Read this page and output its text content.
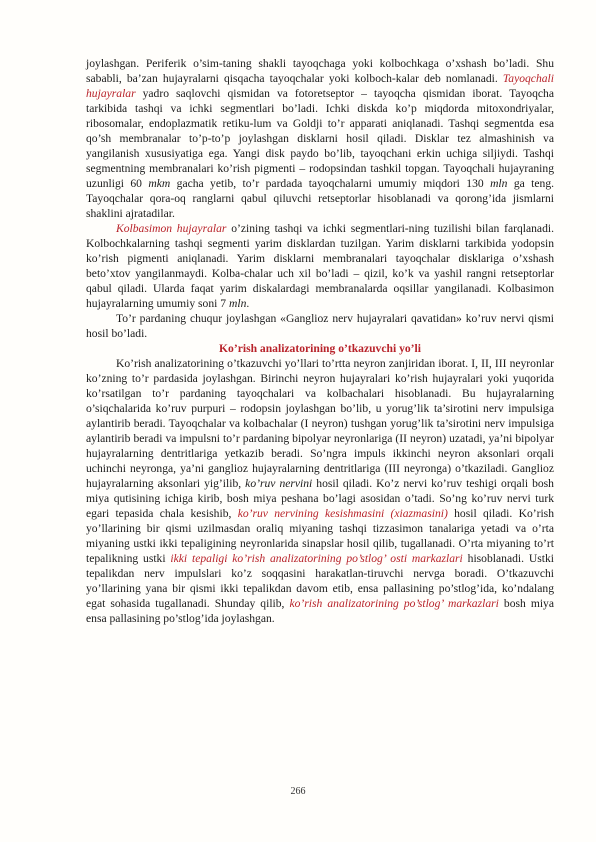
joylashgan. Periferik o’sim-taning shakli tayoqchaga yoki kolbochkaga o’xshash bo’ladi. Shu sababli, ba’zan hujayralarni qisqacha tayoqchalar yoki kolboch-kalar deb nomlanadi. Tayoqchali hujayralar yadro saqlovchi qismidan va fotoretseptor – tayoqcha qismidan iborat. Tayoqcha tarkibida tashqi va ichki segmentlari bo’ladi. Ichki diskda ko’p miqdorda mitoxondriyalar, ribosomalar, endoplazmatik retiku-lum va Goldji to’r apparati aniqlanadi. Tashqi segmentda esa qo’sh membranalar to’p-to’p joylashgan disklarni hosil qiladi. Disklar tez almashinish va yangilanish xususiyatiga ega. Yangi disk paydo bo’lib, tayoqchani erkin uchiga siljiydi. Tashqi segmentning membranalari ko’rish pigmenti – rodopsindan tashkil topgan. Tayoqchali hujayraning uzunligi 60 mkm gacha yetib, to’r pardada tayoqchalarni umumiy miqdori 130 mln ga teng. Tayoqchalar qora-oq ranglarni qabul qiluvchi retseptorlar hisoblanadi va qorong’ida jismlarni shaklini ajratadilar.

Kolbasimon hujayralar o’zining tashqi va ichki segmentlari-ning tuzilishi bilan farqlanadi. Kolbochkalarning tashqi segmenti yarim disklardan tuzilgan. Yarim disklarni tarkibida yodopsin ko’rish pigmenti aniqlanadi. Yarim disklarni membranalari tayoqchalar disklariga o’xshash beto’xtov yangilanmaydi. Kolba-chalar uch xil bo’ladi – qizil, ko’k va yashil rangni retseptorlar qabul qiladi. Ularda faqat yarim diskalardagi membranalarda oqsillar yangilanadi. Kolbasimon hujayralarning umumiy soni 7 mln.

To’r pardaning chuqur joylashgan «Ganglioz nerv hujayralari qavatidan» ko’ruv nervi qismi hosil bo’ladi.

Ko’rish analizatorining o’tkazuvchi yo’li

Ko’rish analizatorining o’tkazuvchi yo’llari to’rtta neyron zanjiridan iborat. I, II, III neyronlar ko’zning to’r pardasida joylashgan. Birinchi neyron hujayralari ko’rish hujayralari yoki yuqorida ko’rsatilgan to’r pardaning tayoqchalari va kolbachalari hisoblanadi. Bu hujayralarning o’siqchalarida ko’ruv purpuri – rodopsin joylashgan bo’lib, u yorug’lik ta’sirotini nerv impulsiga aylantirib beradi. Tayoqchalar va kolbachalar (I neyron) tushgan yorug’lik ta’sirotini nerv impulsiga aylantirib beradi va impulsni to’r pardaning bipolyar neyronlariga (II neyron) uzatadi, ya’ni bipolyar hujayralarning dentritlariga yetkazib beradi. So’ngra impuls ikkinchi neyron aksonlari orqali uchinchi neyronga, ya’ni ganglioz hujayralarning dentritlariga (III neyronga) o’tkaziladi. Ganglioz hujayralarning aksonlari yig’ilib, ko’ruv nervini hosil qiladi. Ko’z nervi ko’ruv teshigi orqali bosh miya qutisining ichiga kirib, bosh miya peshana bo’lagi asosidan o’tadi. So’ng ko’ruv nervi turk egari tepasida chala kesishib, ko’ruv nervining kesishmasini (xiazmasini) hosil qiladi. Ko’rish yo’llarining bir qismi uzilmasdan oraliq miyaning tashqi tizzasimon tanalariga yetadi va o’rta miyaning ustki ikki tepaligining neyronlarida sinapslar hosil qilib, tugallanadi. O’rta miyaning to’rt tepalikning ustki ikki tepaligi ko’rish analizatorining po’stlog’ osti markazlari hisoblanadi. Ustki tepalikdan nerv impulslari ko’z soqqasini harakatlan-tiruvchi nervga boradi. O’tkazuvchi yo’llarining yana bir qismi ikki tepalikdan davom etib, ensa pallasining po’stlog’ida, ko’ndalang egat sohasida tugallanadi. Shunday qilib, ko’rish analizatorining po’stlog’ markazlari bosh miya ensa pallasining po’stlog’ida joylashgan.

266
